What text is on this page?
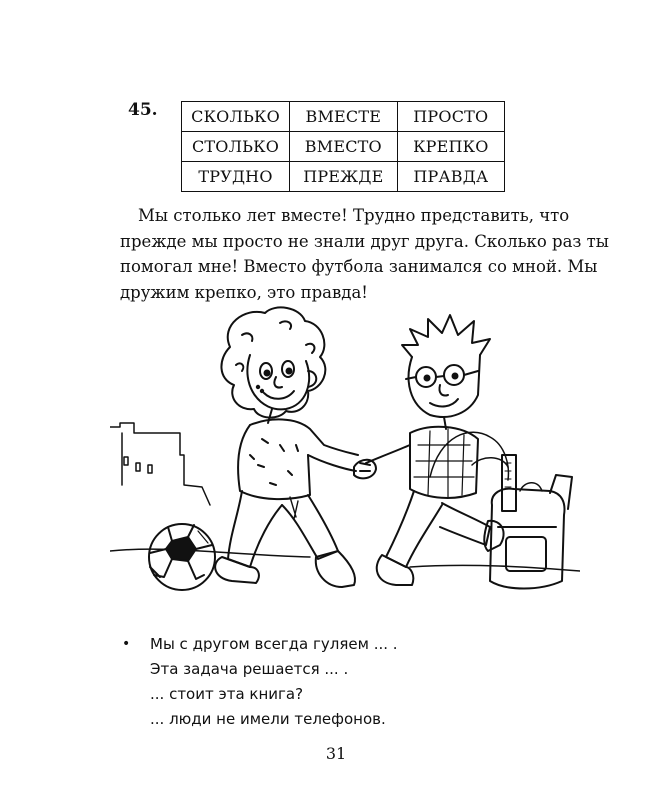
45. СКОЛЬКО	ВМЕСТЕ	ПРОСТО
СТОЛЬКО	ВМЕСТО	КРЕПКО
ТРУДНО	ПРЕЖДЕ	ПРАВДА
Мы столько лет вместе! Трудно представить, что
прежде мы просто не знали друг друга. Сколько раз ты
помогал мне! Вместо футбола занимался со мной. Мы
дружим крепко, это правда!
•	Мы с другом всегда гуляем ... .
Эта задача решается ... .
... стоит эта книга?
... люди не имели телефонов.
31
